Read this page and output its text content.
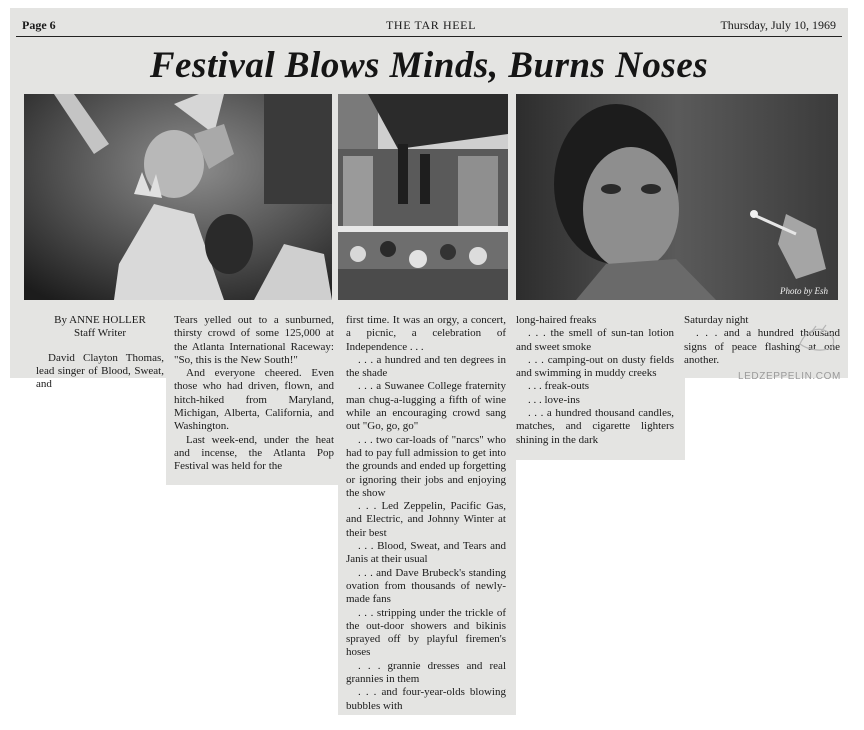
Page 6	THE TAR HEEL	Thursday, July 10, 1969
Festival Blows Minds, Burns Noses
Photo by Esh

By ANNE HOLLER

Staff Writer

David Clayton Thomas, lead singer of Blood, Sweat, and

Tears yelled out to a sunburned, thirsty crowd of some 125,000 at the Atlanta International Raceway: "So, this is the New South!"

And everyone cheered. Even those who had driven, flown, and hitch-hiked from Maryland, Michigan, Alberta, California, and Washington.

Last week-end, under the heat and incense, the Atlanta Pop Festival was held for the

first time. It was an orgy, a concert, a picnic, a celebration of Independence . . .

. . . a hundred and ten degrees in the shade

. . . a Suwanee College fraternity man chug-a-lugging a fifth of wine while an encouraging crowd sang out "Go, go, go"

. . . two car-loads of "narcs" who had to pay full admission to get into the grounds and ended up forgetting or ignoring their jobs and enjoying the show

. . . Led Zeppelin, Pacific Gas, and Electric, and Johnny Winter at their best

. . . Blood, Sweat, and Tears and Janis at their usual

. . . and Dave Brubeck's standing ovation from thousands of newly-made fans

. . . stripping under the trickle of the out-door showers and bikinis sprayed off by playful firemen's hoses

. . . grannie dresses and real grannies in them

. . . and four-year-olds blowing bubbles with

long-haired freaks

. . . the smell of sun-tan lotion and sweet smoke

. . . camping-out on dusty fields and swimming in muddy creeks

. . . freak-outs

. . . love-ins

. . . a hundred thousand candles, matches, and cigarette lighters shining in the dark

Saturday night

. . . and a hundred thousand signs of peace flashing at one another.

LEDZEPPELIN.COM
